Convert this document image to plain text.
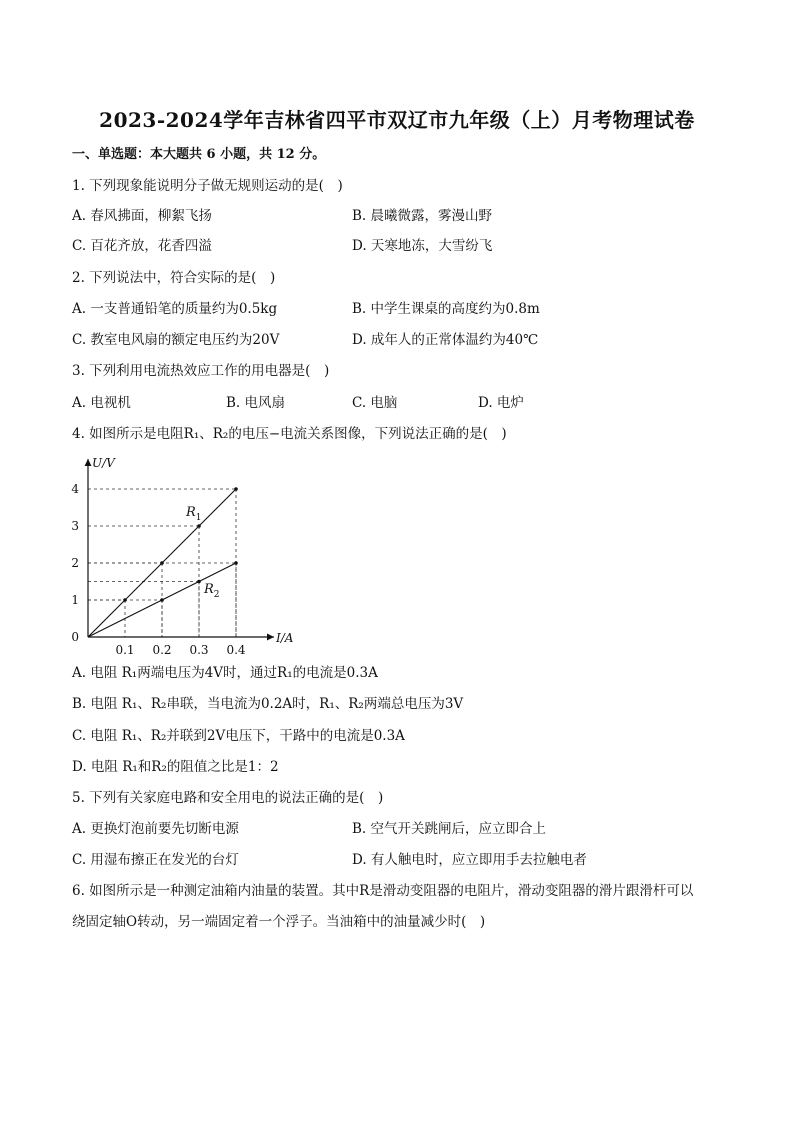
2023-2024学年吉林省四平市双辽市九年级（上）月考物理试卷
一、单选题：本大题共 6 小题，共 12 分。
1. 下列现象能说明分子做无规则运动的是(　)
A. 春风拂面，柳絮飞扬	B. 晨曦微露，雾漫山野
C. 百花齐放，花香四溢	D. 天寒地冻，大雪纷飞
2. 下列说法中，符合实际的是(　)
A. 一支普通铅笔的质量约为0.5kg	B. 中学生课桌的高度约为0.8m
C. 教室电风扇的额定电压约为20V	D. 成年人的正常体温约为40℃
3. 下列利用电流热效应工作的用电器是(　)
A. 电视机	B. 电风扇	C. 电脑	D. 电炉
4. 如图所示是电阻R₁、R₂的电压−电流关系图像，下列说法正确的是(　)
$R_1$
$R_2$
0.1 0.2 0.3 0.4
1
2
3
4
0	I/A
U/V
A. 电阻 R₁两端电压为4V时，通过R₁的电流是0.3A
B. 电阻 R₁、R₂串联，当电流为0.2A时，R₁、R₂两端总电压为3V
C. 电阻 R₁、R₂并联到2V电压下，干路中的电流是0.3A
D. 电阻 R₁和R₂的阻值之比是1：2
5. 下列有关家庭电路和安全用电的说法正确的是(　)
A. 更换灯泡前要先切断电源	B. 空气开关跳闸后，应立即合上
C. 用湿布擦正在发光的台灯	D. 有人触电时，应立即用手去拉触电者
6. 如图所示是一种测定油箱内油量的装置。其中R是滑动变阻器的电阻片，滑动变阻器的滑片跟滑杆可以
绕固定轴O转动，另一端固定着一个浮子。当油箱中的油量减少时(　)
